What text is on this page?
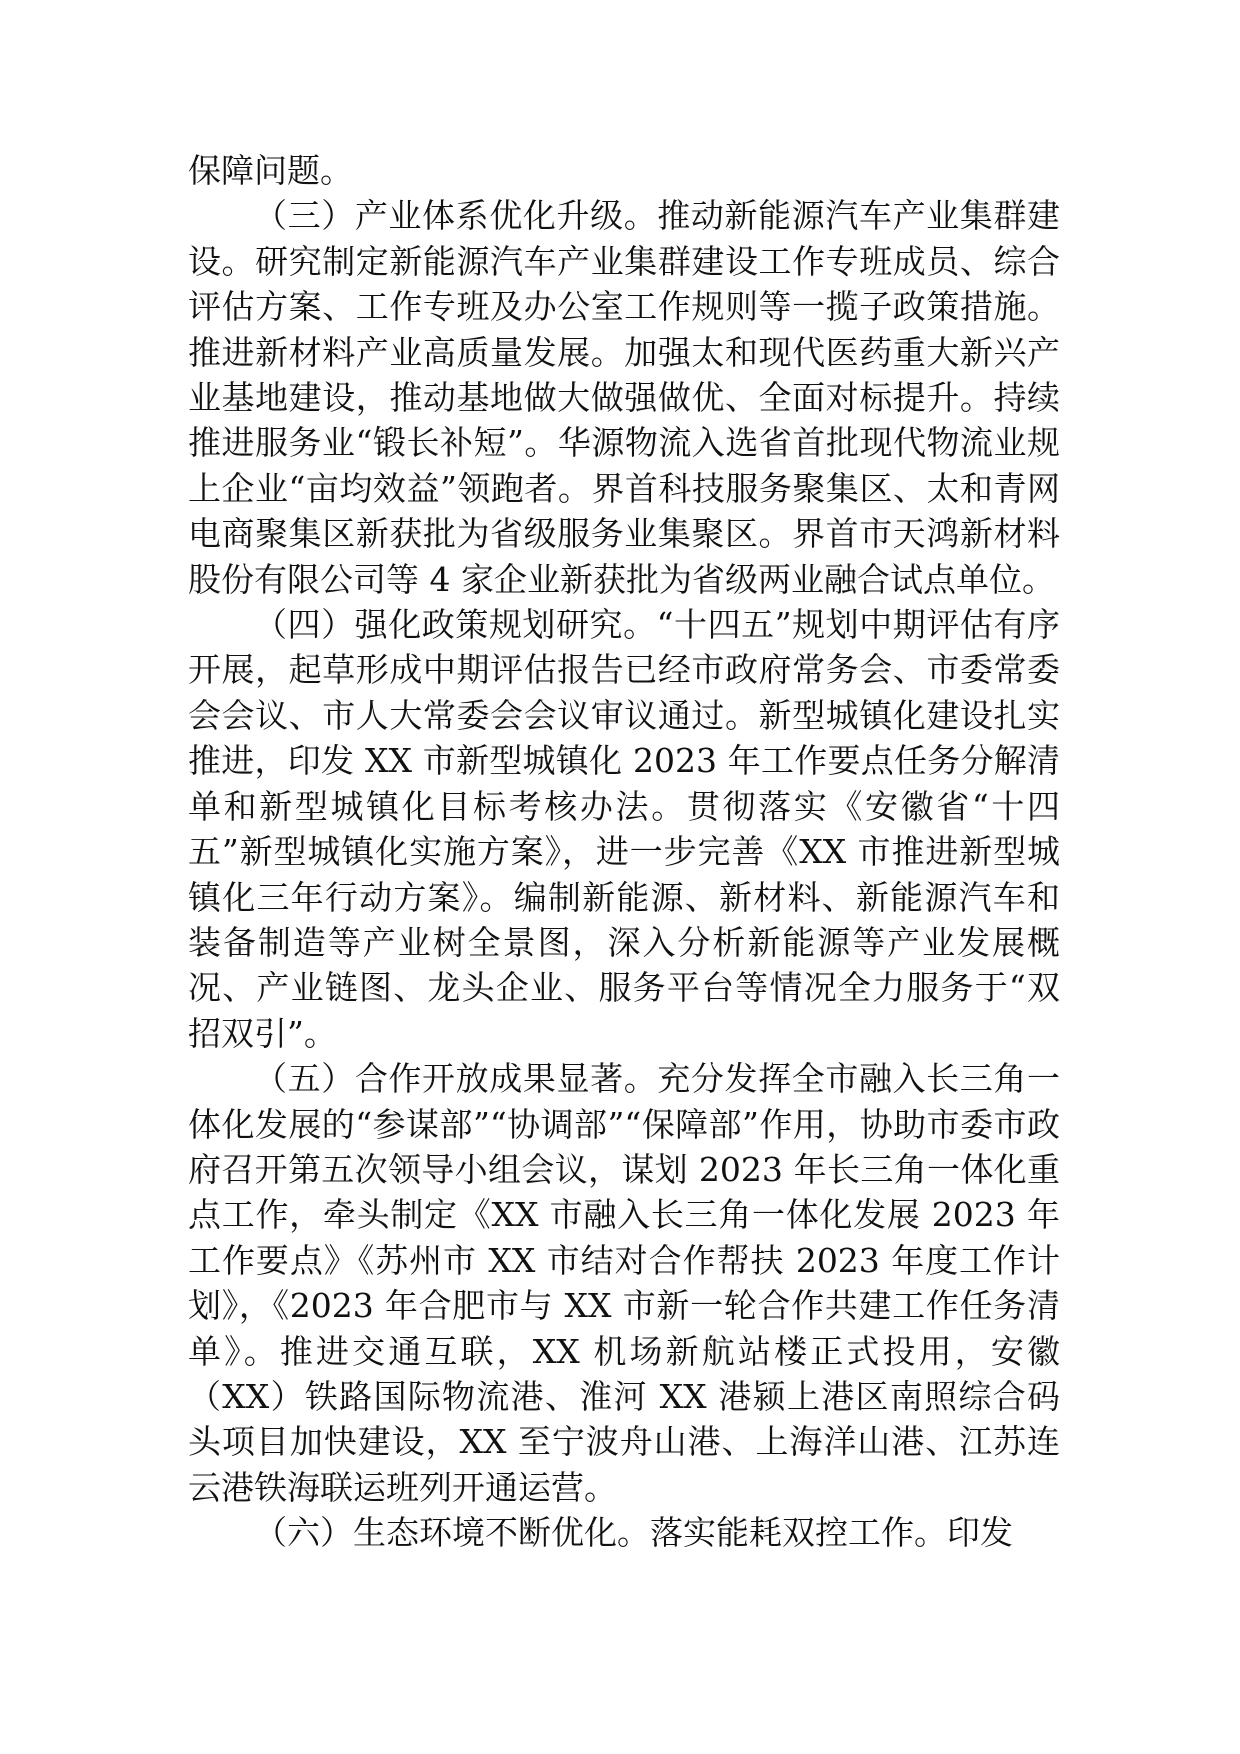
保障问题。

（三）产业体系优化升级。推动新能源汽车产业集群建设。研究制定新能源汽车产业集群建设工作专班成员、综合评估方案、工作专班及办公室工作规则等一揽子政策措施。推进新材料产业高质量发展。加强太和现代医药重大新兴产业基地建设，推动基地做大做强做优、全面对标提升。持续推进服务业“锻长补短”。华源物流入选省首批现代物流业规上企业“亩均效益”领跑者。界首科技服务聚集区、太和青网电商聚集区新获批为省级服务业集聚区。界首市天鸿新材料股份有限公司等 4 家企业新获批为省级两业融合试点单位。

（四）强化政策规划研究。“十四五”规划中期评估有序开展，起草形成中期评估报告已经市政府常务会、市委常委会会议、市人大常委会会议审议通过。新型城镇化建设扎实推进，印发 XX 市新型城镇化 2023 年工作要点任务分解清单和新型城镇化目标考核办法。贯彻落实《安徽省“十四五”新型城镇化实施方案》，进一步完善《XX 市推进新型城镇化三年行动方案》。编制新能源、新材料、新能源汽车和装备制造等产业树全景图，深入分析新能源等产业发展概况、产业链图、龙头企业、服务平台等情况全力服务于“双招双引”。

（五）合作开放成果显著。充分发挥全市融入长三角一体化发展的“参谋部”“协调部”“保障部”作用，协助市委市政府召开第五次领导小组会议，谋划 2023 年长三角一体化重点工作，牵头制定《XX 市融入长三角一体化发展 2023 年工作要点》《苏州市 XX 市结对合作帮扶 2023 年度工作计划》，《2023 年合肥市与 XX 市新一轮合作共建工作任务清单》。推进交通互联，XX 机场新航站楼正式投用，安徽（XX）铁路国际物流港、淮河 XX 港颍上港区南照综合码头项目加快建设，XX 至宁波舟山港、上海洋山港、江苏连云港铁海联运班列开通运营。

（六）生态环境不断优化。落实能耗双控工作。印发
